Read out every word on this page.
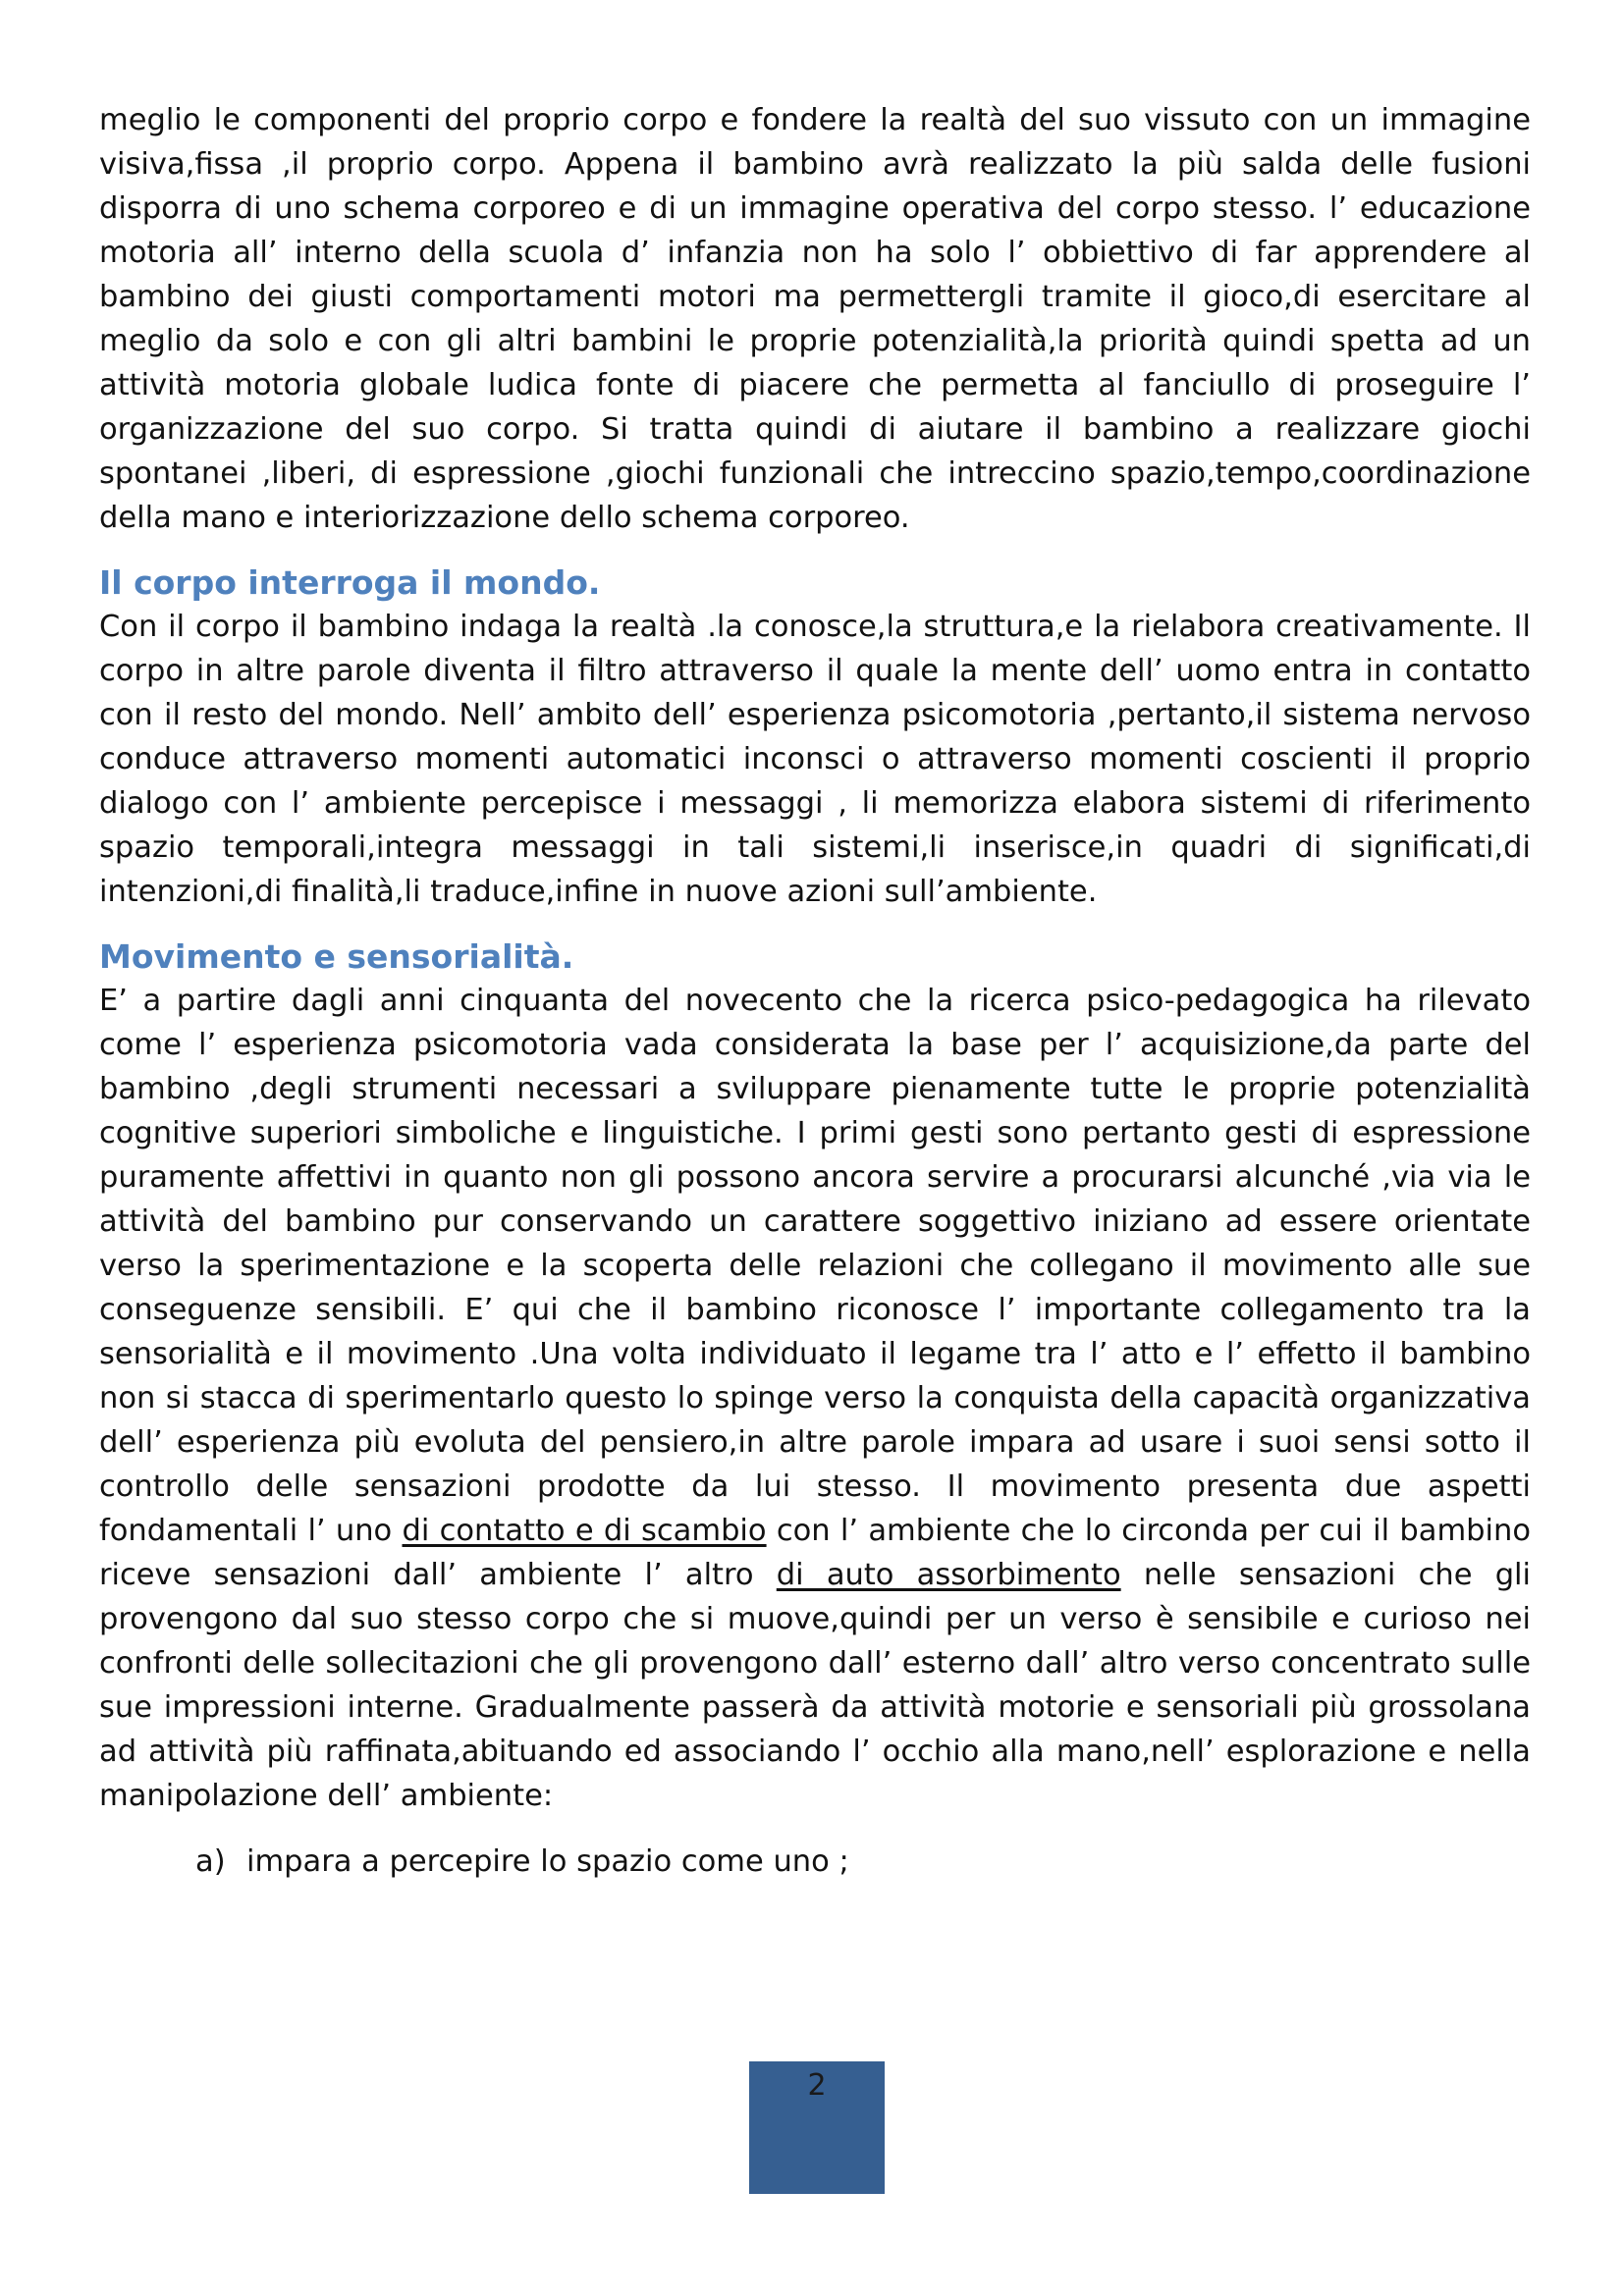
meglio le componenti del proprio corpo e fondere la realtà del suo vissuto con un immagine visiva,fissa ,il proprio corpo. Appena il bambino avrà realizzato la più salda delle fusioni disporra di uno schema corporeo e di un immagine operativa del corpo stesso. l’ educazione motoria all’ interno della scuola d’ infanzia non ha solo l’ obbiettivo di far apprendere al bambino dei giusti comportamenti motori ma permettergli tramite il gioco,di esercitare al meglio da solo e con gli altri bambini le proprie potenzialità,la priorità quindi spetta ad un attività motoria globale ludica fonte di piacere che permetta al fanciullo di proseguire l’ organizzazione del suo corpo. Si tratta quindi di aiutare il bambino a realizzare giochi spontanei ,liberi, di espressione ,giochi funzionali che intreccino spazio,tempo,coordinazione della mano e interiorizzazione dello schema corporeo.

Il corpo interroga il mondo.

Con il corpo il bambino indaga la realtà .la conosce,la struttura,e la rielabora creativamente. Il corpo in altre parole diventa il filtro attraverso il quale la mente dell’ uomo entra in contatto con il resto del mondo. Nell’ ambito dell’ esperienza psicomotoria ,pertanto,il sistema nervoso conduce attraverso momenti automatici inconsci o attraverso momenti coscienti il proprio dialogo con l’ ambiente percepisce i messaggi , li memorizza elabora sistemi di riferimento spazio temporali,integra messaggi in tali sistemi,li inserisce,in quadri di significati,di intenzioni,di finalità,li traduce,infine in nuove azioni sull’ambiente.

Movimento e sensorialità.

E’ a partire dagli anni cinquanta del novecento che la ricerca psico-pedagogica ha rilevato come l’ esperienza psicomotoria vada considerata la base per l’ acquisizione,da parte del bambino ,degli strumenti necessari a sviluppare pienamente tutte le proprie potenzialità cognitive superiori simboliche e linguistiche. I primi gesti sono pertanto gesti di espressione puramente affettivi in quanto non gli possono ancora servire a procurarsi alcunché ,via via le attività del bambino pur conservando un carattere soggettivo iniziano ad essere orientate verso la sperimentazione e la scoperta delle relazioni che collegano il movimento alle sue conseguenze sensibili. E’ qui che il bambino riconosce l’ importante collegamento tra la sensorialità e il movimento .Una volta individuato il legame tra l’ atto e l’ effetto il bambino non si stacca di sperimentarlo questo lo spinge verso la conquista della capacità organizzativa dell’ esperienza più evoluta del pensiero,in altre parole impara ad usare i suoi sensi sotto il controllo delle sensazioni prodotte da lui stesso. Il movimento presenta due aspetti fondamentali l’ uno di contatto e di scambio con l’ ambiente che lo circonda per cui il bambino riceve sensazioni dall’ ambiente l’ altro di auto assorbimento nelle sensazioni che gli provengono dal suo stesso corpo che si muove,quindi per un verso è sensibile e curioso nei confronti delle sollecitazioni che gli provengono dall’ esterno dall’ altro verso concentrato sulle sue impressioni interne. Gradualmente passerà da attività motorie e sensoriali più grossolana ad attività più raffinata,abituando ed associando l’ occhio alla mano,nell’ esplorazione e nella manipolazione dell’ ambiente:

a) impara a percepire lo spazio come uno ;
2
